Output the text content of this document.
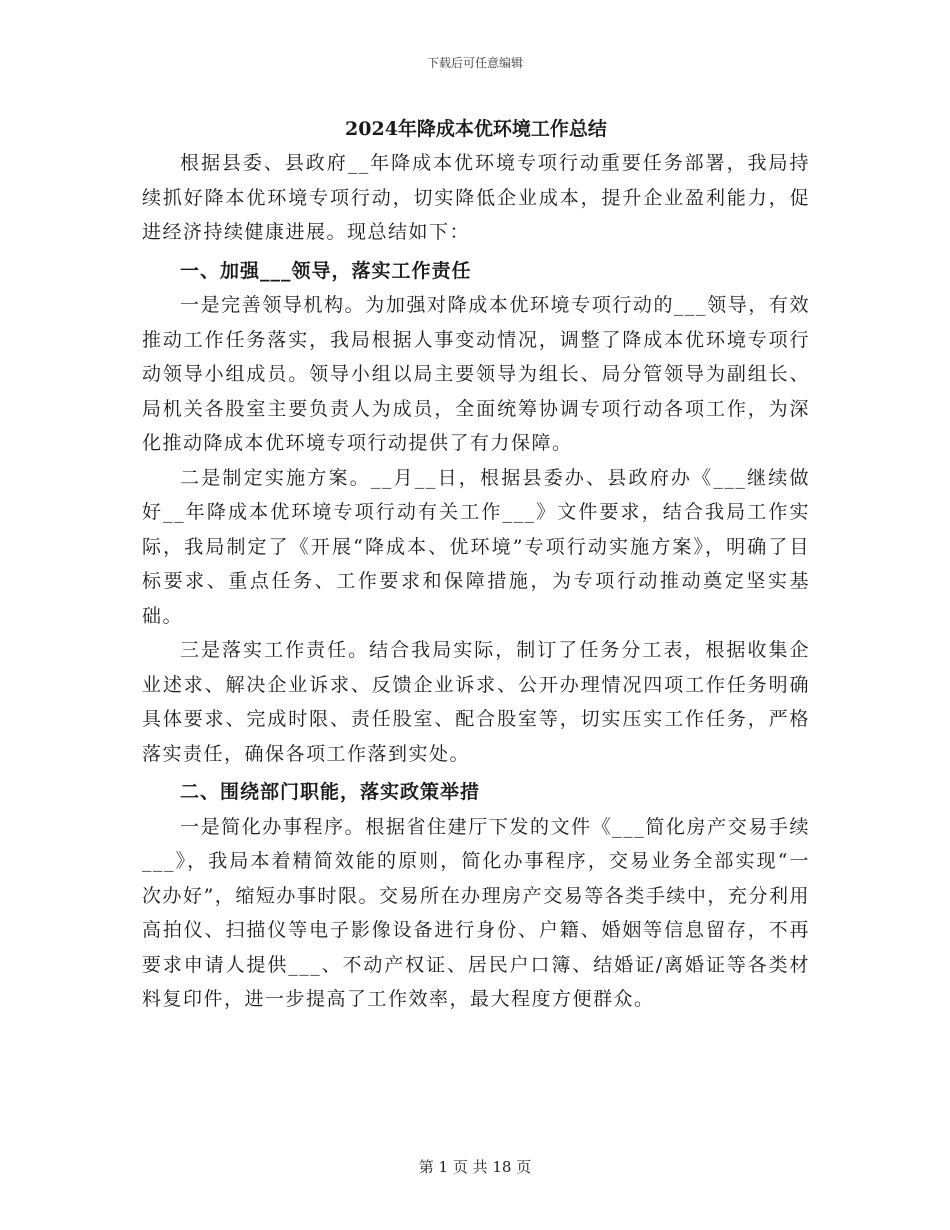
下载后可任意编辑
2024年降成本优环境工作总结

根据县委、县政府__年降成本优环境专项行动重要任务部署，我局持续抓好降本优环境专项行动，切实降低企业成本，提升企业盈利能力，促进经济持续健康进展。现总结如下：

一、加强___领导，落实工作责任

一是完善领导机构。为加强对降成本优环境专项行动的___领导，有效推动工作任务落实，我局根据人事变动情况，调整了降成本优环境专项行动领导小组成员。领导小组以局主要领导为组长、局分管领导为副组长、局机关各股室主要负责人为成员，全面统筹协调专项行动各项工作，为深化推动降成本优环境专项行动提供了有力保障。

二是制定实施方案。__月__日，根据县委办、县政府办《___继续做好__年降成本优环境专项行动有关工作___》文件要求，结合我局工作实际，我局制定了《开展“降成本、优环境”专项行动实施方案》，明确了目标要求、重点任务、工作要求和保障措施，为专项行动推动奠定坚实基础。

三是落实工作责任。结合我局实际，制订了任务分工表，根据收集企业述求、解决企业诉求、反馈企业诉求、公开办理情况四项工作任务明确具体要求、完成时限、责任股室、配合股室等，切实压实工作任务，严格落实责任，确保各项工作落到实处。

二、围绕部门职能，落实政策举措

一是简化办事程序。根据省住建厅下发的文件《___简化房产交易手续___》，我局本着精简效能的原则，简化办事程序，交易业务全部实现“一次办好”，缩短办事时限。交易所在办理房产交易等各类手续中，充分利用高拍仪、扫描仪等电子影像设备进行身份、户籍、婚姻等信息留存，不再要求申请人提供___、不动产权证、居民户口簿、结婚证/离婚证等各类材料复印件，进一步提高了工作效率，最大程度方便群众。

第 1 页 共 18 页
